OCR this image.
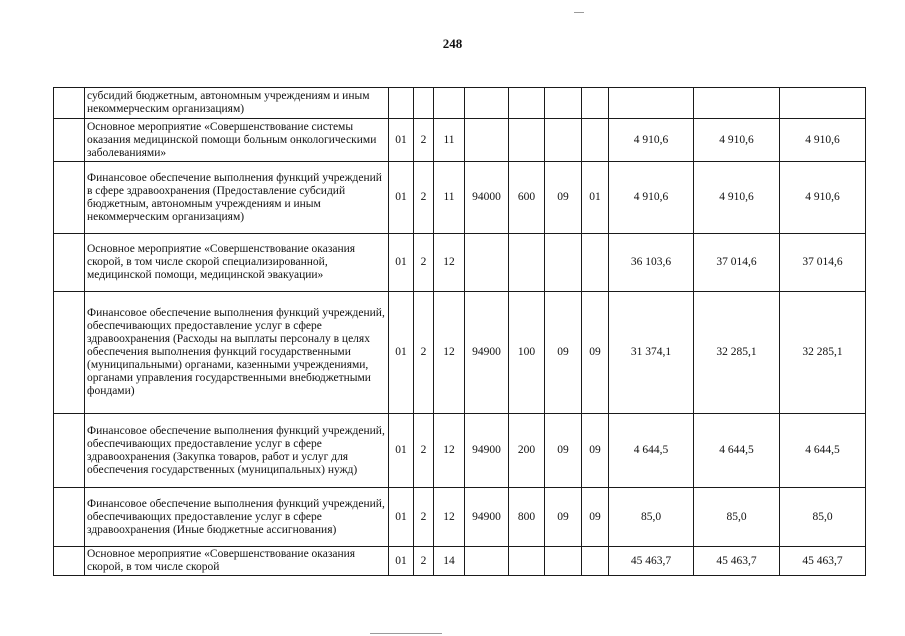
248
	субсидий бюджетным, автономным учреждениям и иным некоммерческим организациям)										
	Основное мероприятие «Совершенствование системы оказания медицинской помощи больным онкологическими заболеваниями»	01	2	11					4 910,6	4 910,6	4 910,6
	Финансовое обеспечение выполнения функций учреждений в сфере здравоохранения (Предоставление субсидий бюджетным, автономным учреждениям и иным некоммерческим организациям)	01	2	11	94000	600	09	01	4 910,6	4 910,6	4 910,6
	Основное мероприятие «Совершенствование оказания скорой, в том числе скорой специализированной, медицинской помощи, медицинской эвакуации»	01	2	12					36 103,6	37 014,6	37 014,6
	Финансовое обеспечение выполнения функций учреждений, обеспечивающих предоставление услуг в сфере здравоохранения (Расходы на выплаты персоналу в целях обеспечения выполнения функций государственными (муниципальными) органами, казенными учреждениями, органами управления государственными внебюджетными фондами)	01	2	12	94900	100	09	09	31 374,1	32 285,1	32 285,1
	Финансовое обеспечение выполнения функций учреждений, обеспечивающих предоставление услуг в сфере здравоохранения (Закупка товаров, работ и услуг для обеспечения государственных (муниципальных) нужд)	01	2	12	94900	200	09	09	4 644,5	4 644,5	4 644,5
	Финансовое обеспечение выполнения функций учреждений, обеспечивающих предоставление услуг в сфере здравоохранения (Иные бюджетные ассигнования)	01	2	12	94900	800	09	09	85,0	85,0	85,0
	Основное мероприятие «Совершенствование оказания скорой, в том числе скорой	01	2	14					45 463,7	45 463,7	45 463,7
